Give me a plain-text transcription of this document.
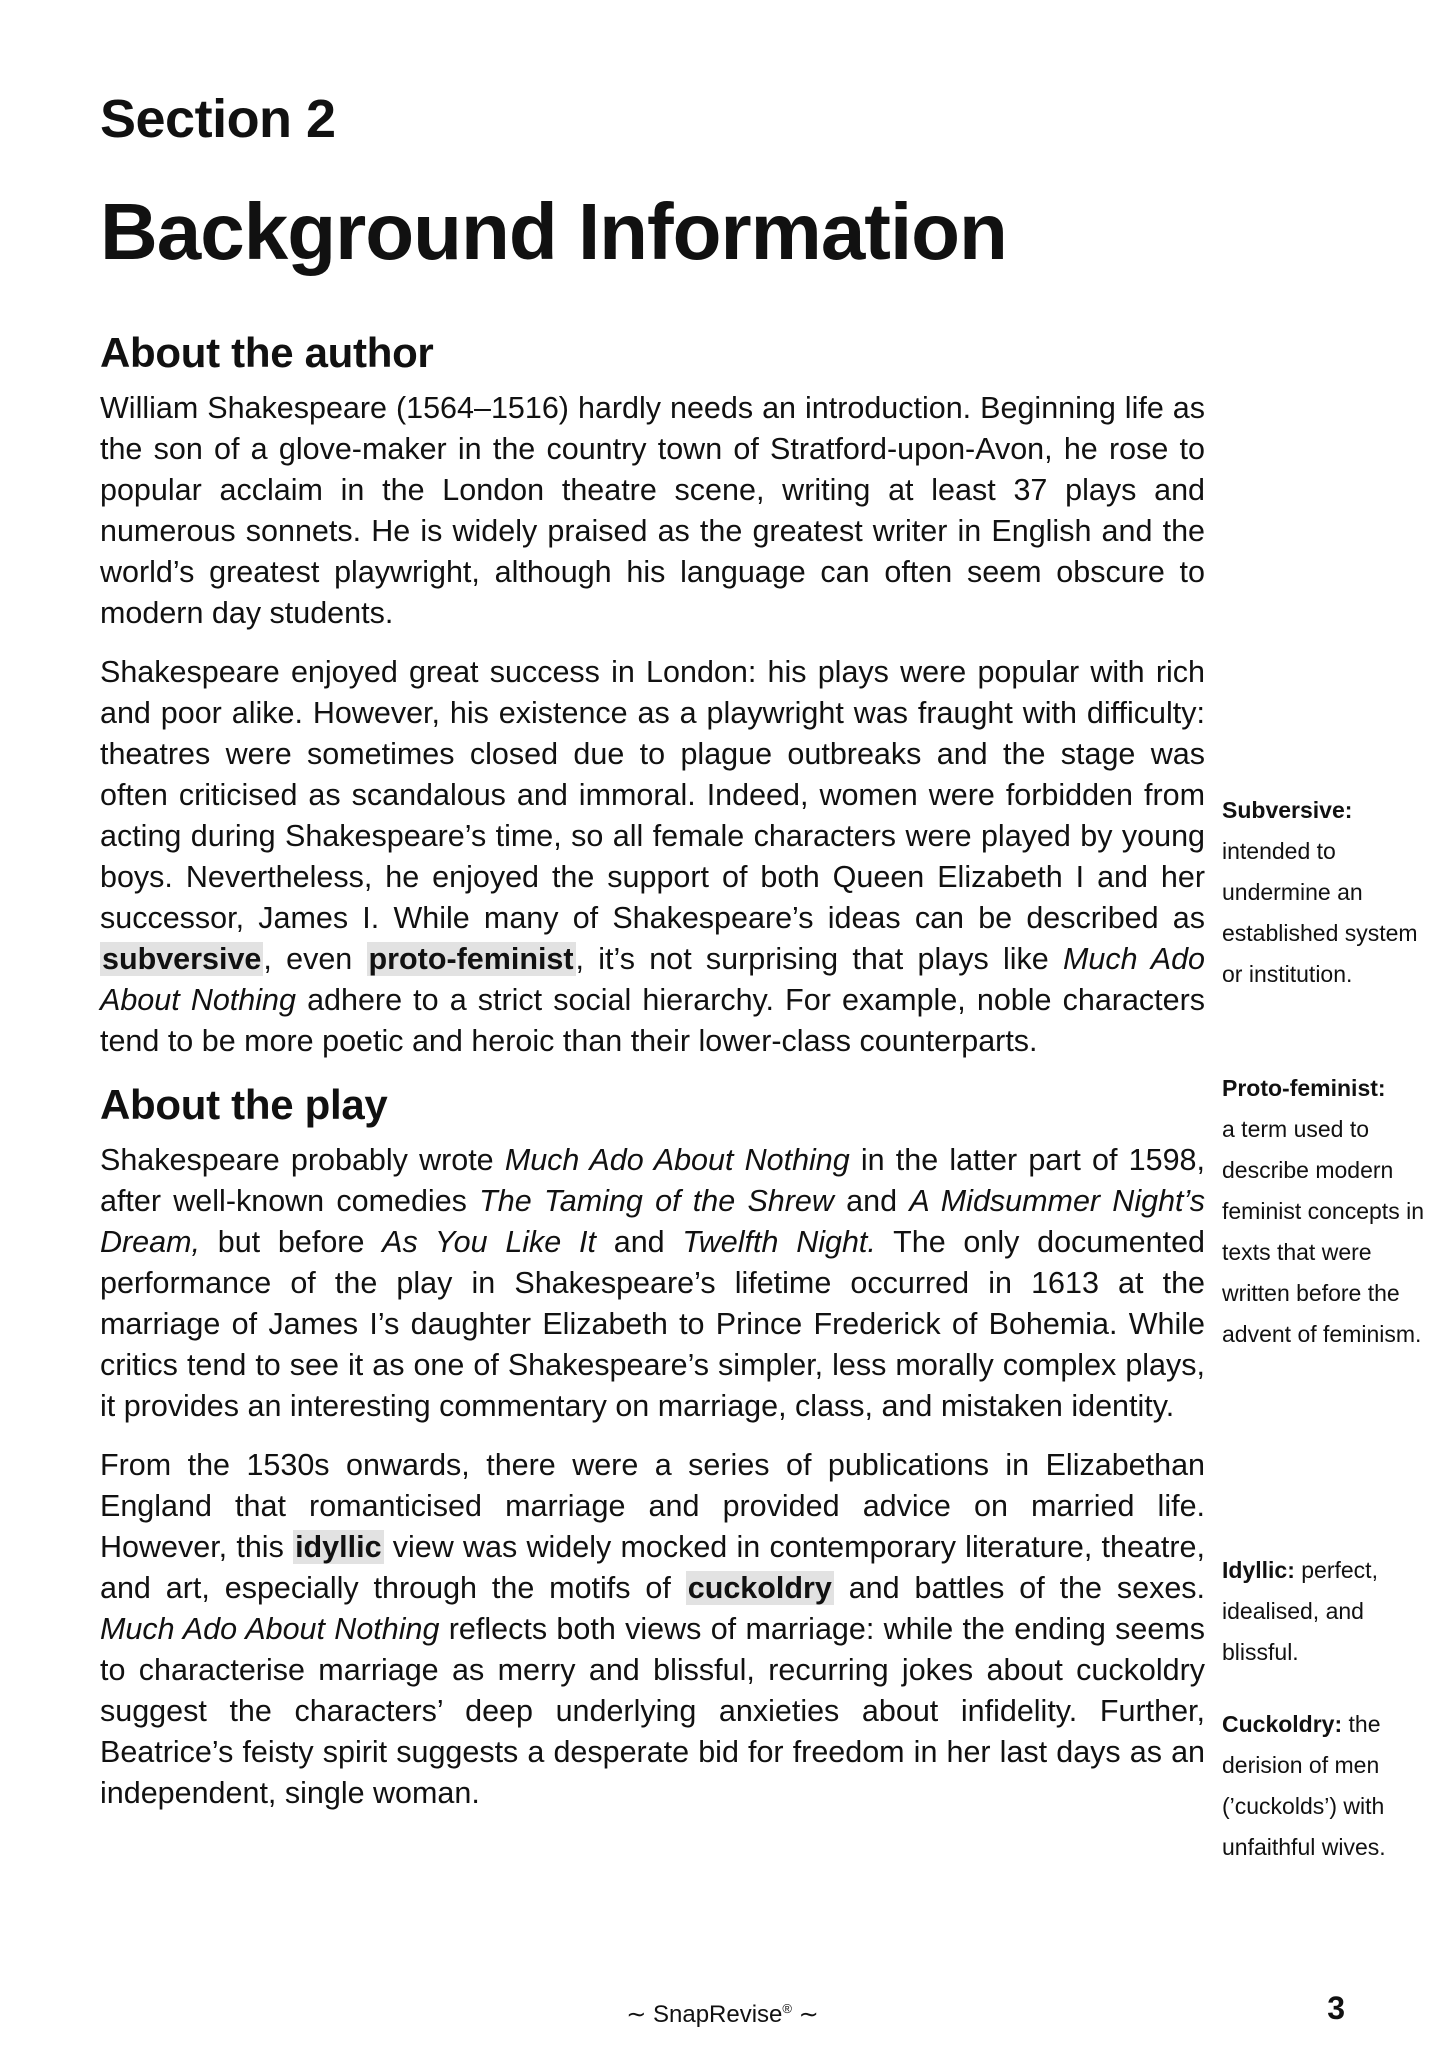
Section 2
Background Information
About the author

William Shakespeare (1564–1516) hardly needs an introduction. Beginning life as the son of a glove-maker in the country town of Stratford-upon-Avon, he rose to popular acclaim in the London theatre scene, writing at least 37 plays and numerous sonnets. He is widely praised as the greatest writer in English and the world’s greatest playwright, although his language can often seem obscure to modern day students.

Shakespeare enjoyed great success in London: his plays were popular with rich and poor alike. However, his existence as a playwright was fraught with difficulty: theatres were sometimes closed due to plague outbreaks and the stage was often criticised as scandalous and immoral. Indeed, women were forbidden from acting during Shakespeare’s time, so all female characters were played by young boys. Nevertheless, he enjoyed the support of both Queen Elizabeth I and her successor, James I. While many of Shakespeare’s ideas can be described as subversive, even proto-feminist, it’s not surprising that plays like Much Ado About Nothing adhere to a strict social hierarchy. For example, noble characters tend to be more poetic and heroic than their lower-class counterparts.

About the play

Shakespeare probably wrote Much Ado About Nothing in the latter part of 1598, after well-known comedies The Taming of the Shrew and A Midsummer Night’s Dream, but before As You Like It and Twelfth Night. The only documented performance of the play in Shakespeare’s lifetime occurred in 1613 at the marriage of James I’s daughter Elizabeth to Prince Frederick of Bohemia. While critics tend to see it as one of Shakespeare’s simpler, less morally complex plays, it provides an interesting commentary on marriage, class, and mistaken identity.

From the 1530s onwards, there were a series of publications in Elizabethan England that romanticised marriage and provided advice on married life. However, this idyllic view was widely mocked in contemporary literature, theatre, and art, especially through the motifs of cuckoldry and battles of the sexes. Much Ado About Nothing reflects both views of marriage: while the ending seems to characterise marriage as merry and blissful, recurring jokes about cuckoldry suggest the characters’ deep underlying anxieties about infidelity. Further, Beatrice’s feisty spirit suggests a desperate bid for freedom in her last days as an independent, single woman.

Subversive:
intended to undermine an established system or institution.

Proto-feminist:
a term used to describe modern feminist concepts in texts that were written before the advent of feminism.

Idyllic: perfect, idealised, and blissful.

Cuckoldry: the derision of men (’cuckolds’) with unfaithful wives.

∼ SnapRevise® ∼	3
